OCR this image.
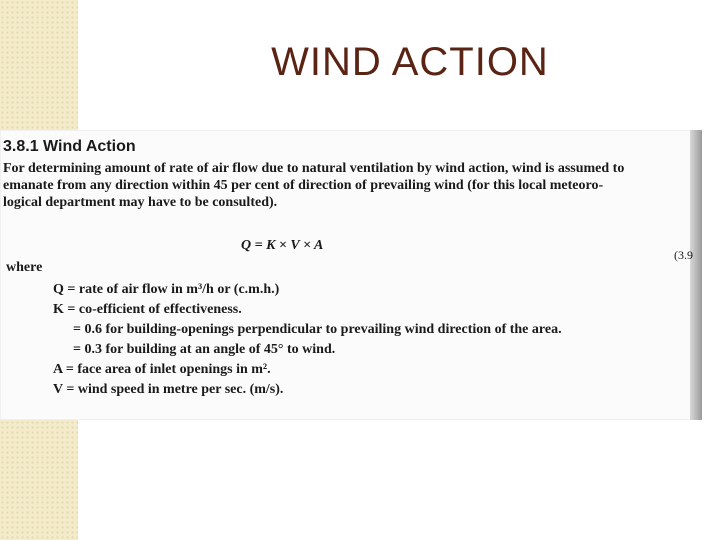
WIND ACTION
3.8.1 Wind Action

For determining amount of rate of air flow due to natural ventilation by wind action, wind is assumed to

emanate from any direction within 45 per cent of direction of prevailing wind (for this local meteoro-

logical department may have to be consulted).

Q = K × V × A
(3.9
where
Q = rate of air flow in m³/h or (c.m.h.)
K = co-efficient of effectiveness.
= 0.6 for building-openings perpendicular to prevailing wind direction of the area.
= 0.3 for building at an angle of 45° to wind.
A = face area of inlet openings in m².
V = wind speed in metre per sec. (m/s).
